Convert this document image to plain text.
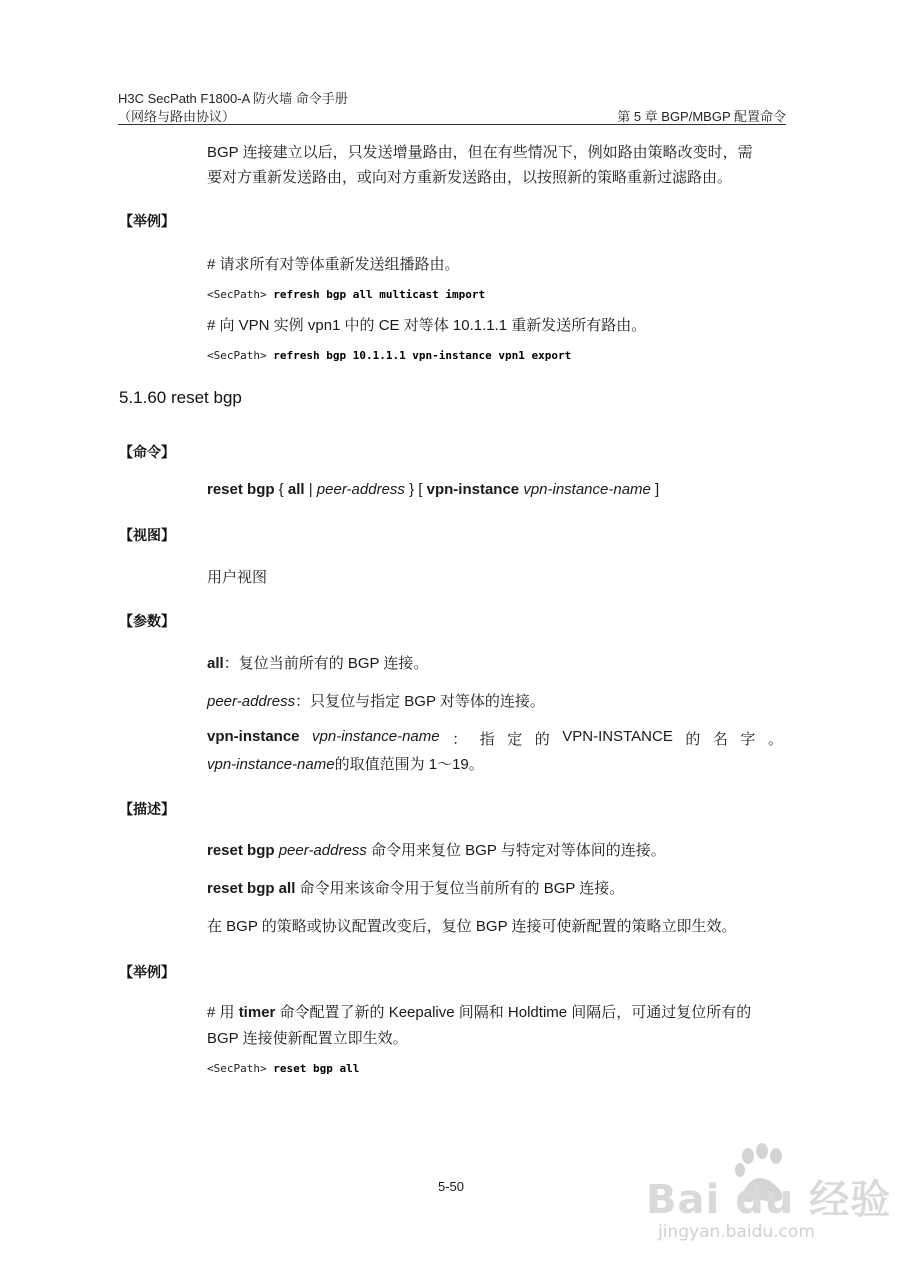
H3C SecPath F1800-A 防火墙 命令手册
（网络与路由协议）	第 5 章 BGP/MBGP 配置命令
BGP 连接建立以后，只发送增量路由，但在有些情况下，例如路由策略改变时，需
要对方重新发送路由，或向对方重新发送路由，以按照新的策略重新过滤路由。
【举例】
# 请求所有对等体重新发送组播路由。
<SecPath> refresh bgp all multicast import
# 向 VPN 实例 vpn1 中的 CE 对等体 10.1.1.1 重新发送所有路由。
<SecPath> refresh bgp 10.1.1.1 vpn-instance vpn1 export
5.1.60 reset bgp
【命令】
reset bgp { all | peer-address } [ vpn-instance vpn-instance-name ]
【视图】
用户视图
【参数】
all：复位当前所有的 BGP 连接。
peer-address：只复位与指定 BGP 对等体的连接。
vpn-instance vpn-instance-name ： 指 定 的 VPN-INSTANCE 的 名 字 。
vpn-instance-name的取值范围为 1～19。
【描述】
reset bgp peer-address 命令用来复位 BGP 与特定对等体间的连接。
reset bgp all 命令用来该命令用于复位当前所有的 BGP 连接。
在 BGP 的策略或协议配置改变后，复位 BGP 连接可使新配置的策略立即生效。
【举例】
# 用 timer 命令配置了新的 Keepalive 间隔和 Holdtime 间隔后，可通过复位所有的
BGP 连接使新配置立即生效。
<SecPath> reset bgp all
5-50	Bai du 经验
jingyan.baidu.com
